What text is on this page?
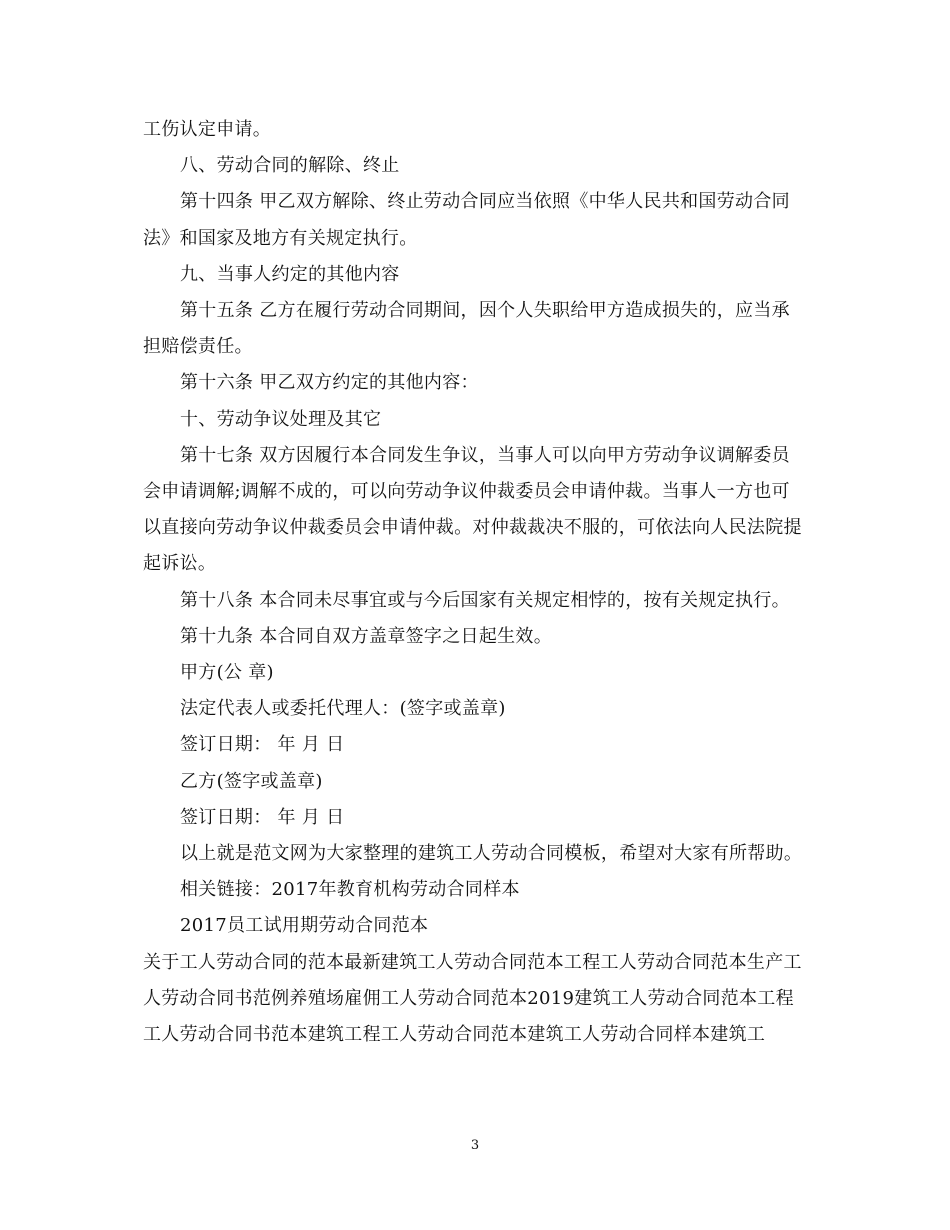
工伤认定申请。

八、劳动合同的解除、终止

第十四条 甲乙双方解除、终止劳动合同应当依照《中华人民共和国劳动合同法》和国家及地方有关规定执行。

九、当事人约定的其他内容

第十五条 乙方在履行劳动合同期间，因个人失职给甲方造成损失的，应当承担赔偿责任。

第十六条 甲乙双方约定的其他内容：

十、劳动争议处理及其它

第十七条 双方因履行本合同发生争议，当事人可以向甲方劳动争议调解委员会申请调解;调解不成的，可以向劳动争议仲裁委员会申请仲裁。当事人一方也可以直接向劳动争议仲裁委员会申请仲裁。对仲裁裁决不服的，可依法向人民法院提起诉讼。

第十八条 本合同未尽事宜或与今后国家有关规定相悖的，按有关规定执行。

第十九条 本合同自双方盖章签字之日起生效。

甲方(公 章)

法定代表人或委托代理人：(签字或盖章)

签订日期： 年 月 日

乙方(签字或盖章)

签订日期： 年 月 日

以上就是范文网为大家整理的建筑工人劳动合同模板，希望对大家有所帮助。

相关链接：2017年教育机构劳动合同样本

2017员工试用期劳动合同范本

关于工人劳动合同的范本最新建筑工人劳动合同范本工程工人劳动合同范本生产工人劳动合同书范例养殖场雇佣工人劳动合同范本2019建筑工人劳动合同范本工程工人劳动合同书范本建筑工程工人劳动合同范本建筑工人劳动合同样本建筑工

3
